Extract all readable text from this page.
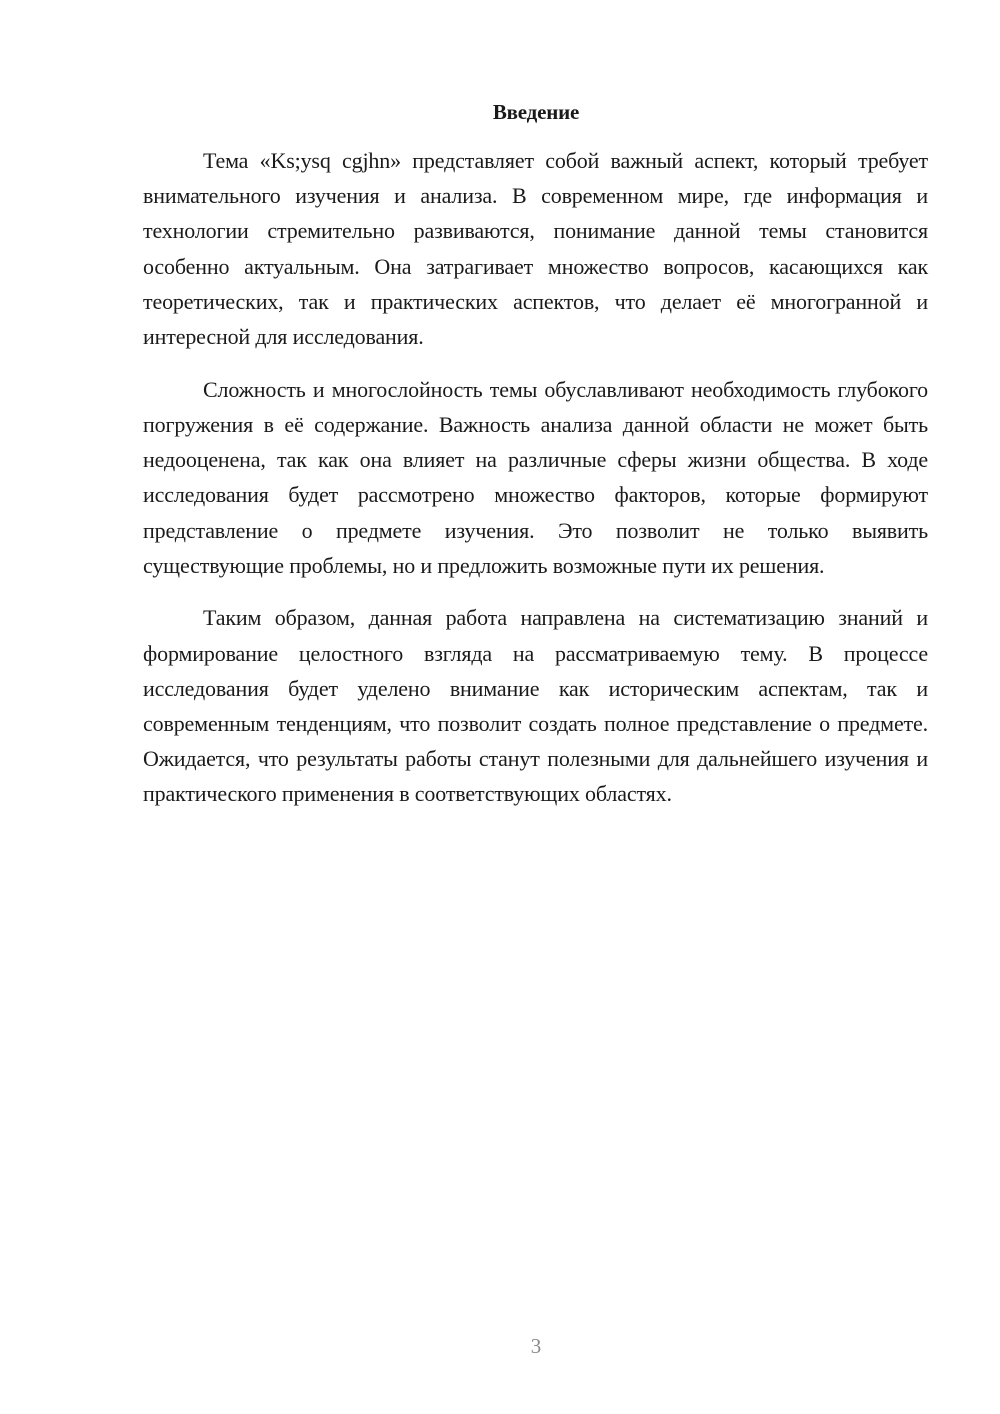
Введение

Тема «Ks;ysq cgjhn» представляет собой важный аспект, который требует внимательного изучения и анализа. В современном мире, где информация и технологии стремительно развиваются, понимание данной темы становится особенно актуальным. Она затрагивает множество вопросов, касающихся как теоретических, так и практических аспектов, что делает её многогранной и интересной для исследования.

Сложность и многослойность темы обуславливают необходимость глубокого погружения в её содержание. Важность анализа данной области не может быть недооценена, так как она влияет на различные сферы жизни общества. В ходе исследования будет рассмотрено множество факторов, которые формируют представление о предмете изучения. Это позволит не только выявить существующие проблемы, но и предложить возможные пути их решения.

Таким образом, данная работа направлена на систематизацию знаний и формирование целостного взгляда на рассматриваемую тему. В процессе исследования будет уделено внимание как историческим аспектам, так и современным тенденциям, что позволит создать полное представление о предмете. Ожидается, что результаты работы станут полезными для дальнейшего изучения и практического применения в соответствующих областях.

3
